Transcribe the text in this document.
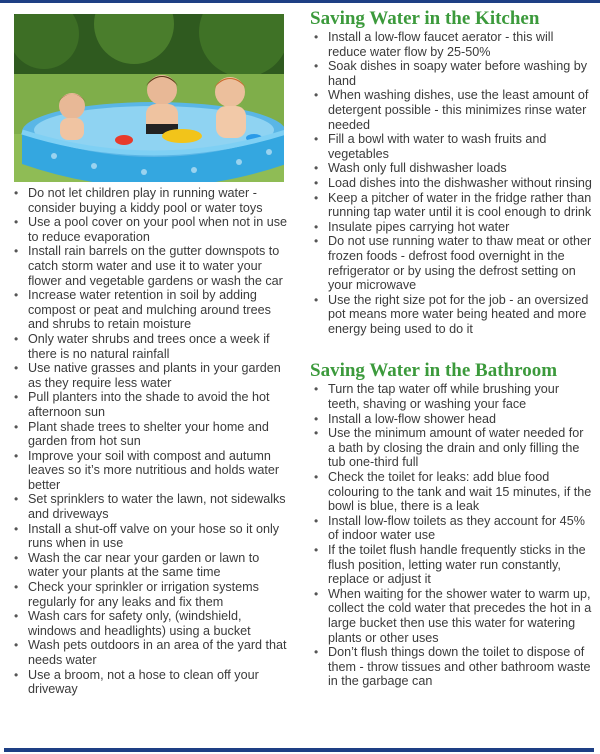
• Do not let children play in running water - consider buying a kiddy pool or water toys
• Use a pool cover on your pool when not in use to reduce evaporation
• Install rain barrels on the gutter downspots to catch storm water and use it to water your flower and vegetable gardens or wash the car
• Increase water retention in soil by adding compost or peat and mulching around trees and shrubs to retain moisture
• Only water shrubs and trees once a week if there is no natural rainfall
• Use native grasses and plants in your garden as they require less water
• Pull planters into the shade to avoid the hot afternoon sun
• Plant shade trees to shelter your home and garden from hot sun
• Improve your soil with compost and autumn leaves so it’s more nutritious and holds water better
• Set sprinklers to water the lawn, not sidewalks and driveways
• Install a shut-off valve on your hose so it only runs when in use
• Wash the car near your garden or lawn to water your plants at the same time
• Check your sprinkler or irrigation systems regularly for any leaks and fix them
• Wash cars for safety only, (windshield, windows and headlights) using a bucket
• Wash pets outdoors in an area of the yard that needs water
• Use a broom, not a hose to clean off your driveway
Saving Water in the Kitchen
• Install a low-flow faucet aerator - this will reduce water flow by 25-50%
• Soak dishes in soapy water before washing by hand
• When washing dishes, use the least amount of detergent possible - this minimizes rinse water needed
• Fill a bowl with water to wash fruits and vegetables
• Wash only full dishwasher loads
• Load dishes into the dishwasher without rinsing
• Keep a pitcher of water in the fridge rather than running tap water until it is cool enough to drink
• Insulate pipes carrying hot water
• Do not use running water to thaw meat or other frozen foods - defrost food overnight in the refrigerator or by using the defrost setting on your microwave
• Use the right size pot for the job - an oversized pot means more water being heated and more energy being used to do it
Saving Water in the Bathroom
• Turn the tap water off while brushing your teeth, shaving or washing your face
• Install a low-flow shower head
• Use the minimum amount of water needed for a bath by closing the drain and only filling the tub one-third full
• Check the toilet for leaks: add blue food colouring to the tank and wait 15 minutes, if the bowl is blue, there is a leak
• Install low-flow toilets as they account for 45% of indoor water use
• If the toilet flush handle frequently sticks in the flush position, letting water run constantly, replace or adjust it
• When waiting for the shower water to warm up, collect the cold water that precedes the hot in a large bucket then use this water for watering plants or other uses
• Don’t flush things down the toilet to dispose of them - throw tissues and other bathroom waste in the garbage can
